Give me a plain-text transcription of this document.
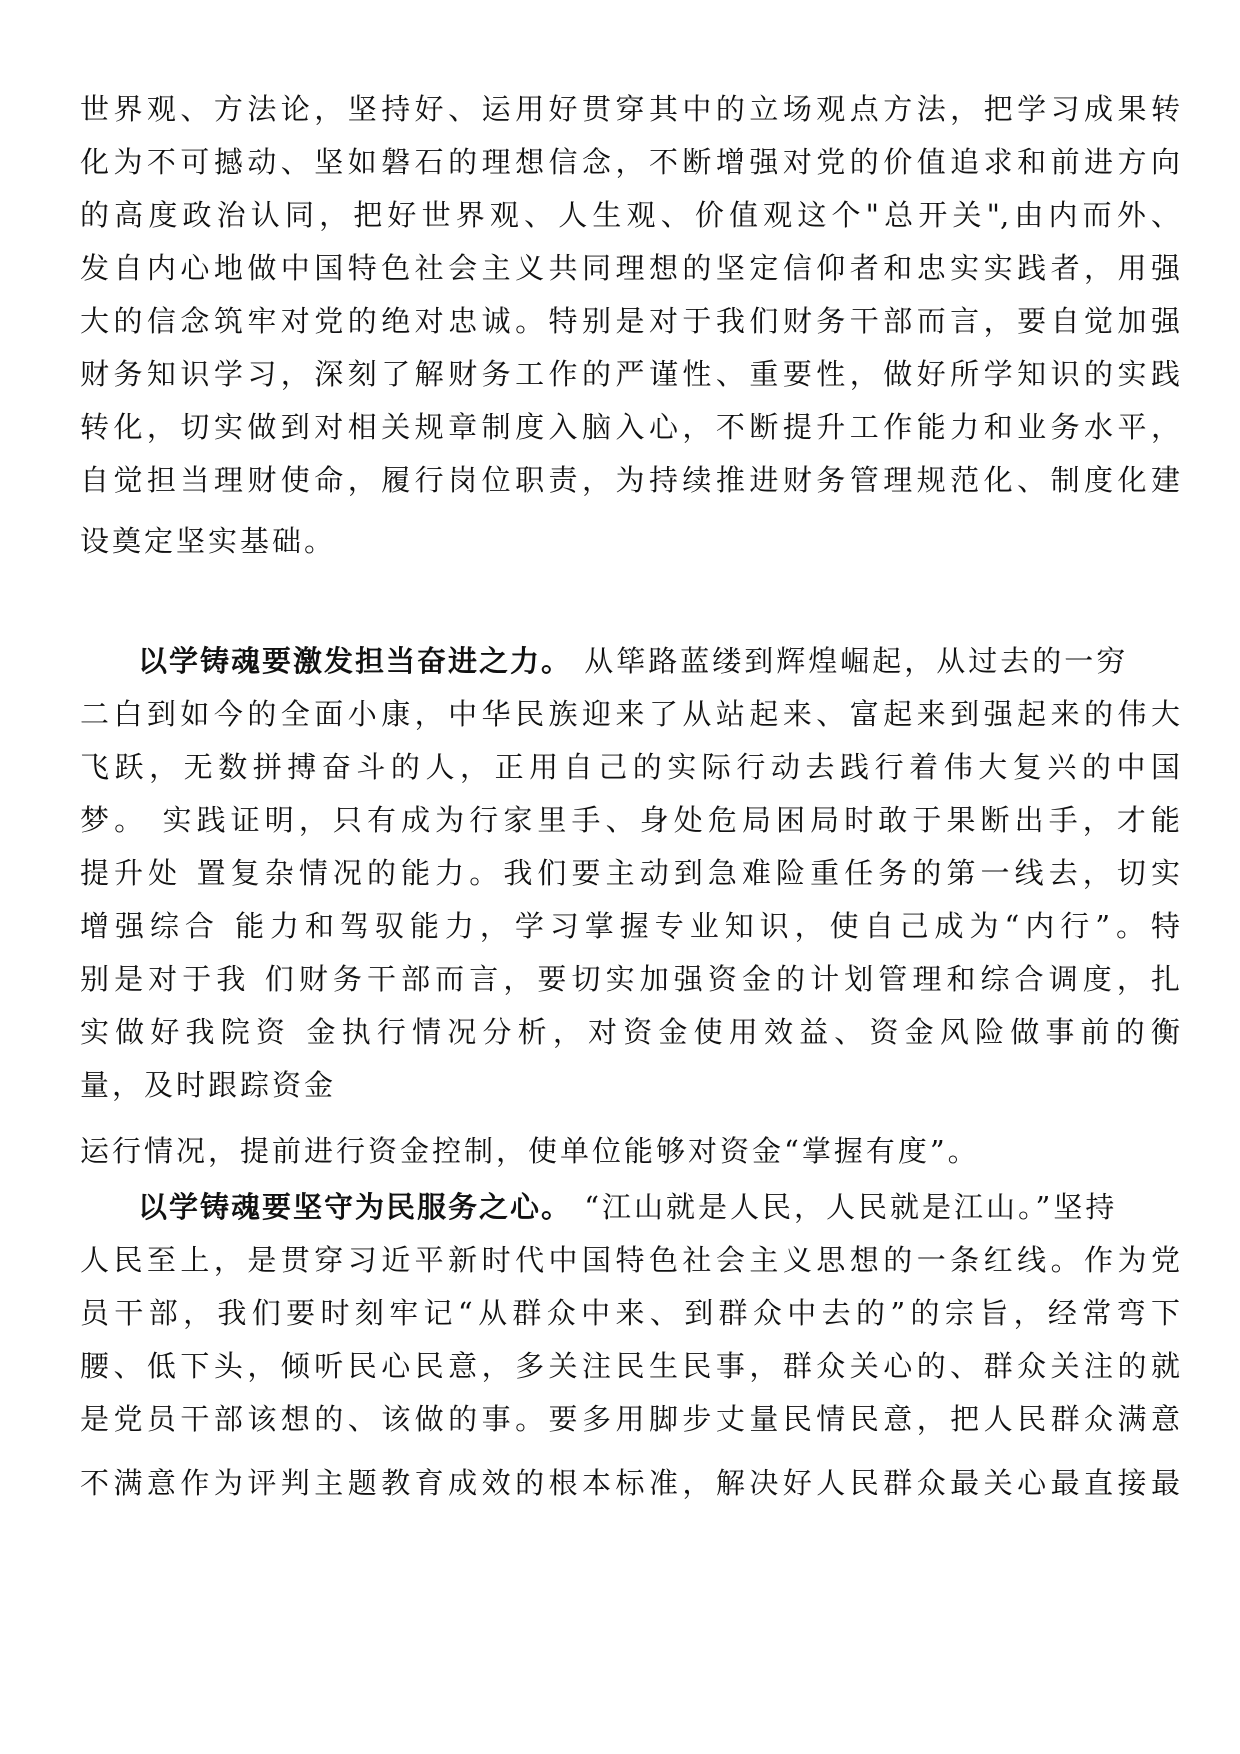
世界观、方法论，坚持好、运用好贯穿其中的立场观点方法，把学习成果转
化为不可撼动、坚如磐石的理想信念，不断增强对党的价值追求和前进方向
的高度政治认同，把好世界观、人生观、价值观这个"总开关",由内而外、
发自内心地做中国特色社会主义共同理想的坚定信仰者和忠实实践者，用强
大的信念筑牢对党的绝对忠诚。特别是对于我们财务干部而言，要自觉加强
财务知识学习，深刻了解财务工作的严谨性、重要性，做好所学知识的实践
转化，切实做到对相关规章制度入脑入心，不断提升工作能力和业务水平，
自觉担当理财使命，履行岗位职责，为持续推进财务管理规范化、制度化建
设奠定坚实基础。
以学铸魂要激发担当奋进之力。 从筚路蓝缕到辉煌崛起，从过去的一穷
二白到如今的全面小康，中华民族迎来了从站起来、富起来到强起来的伟大
飞跃，无数拼搏奋斗的人，正用自己的实际行动去践行着伟大复兴的中国
梦。 实践证明，只有成为行家里手、身处危局困局时敢于果断出手，才能
提升处 置复杂情况的能力。我们要主动到急难险重任务的第一线去，切实
增强综合 能力和驾驭能力，学习掌握专业知识，使自己成为“内行”。特
别是对于我 们财务干部而言，要切实加强资金的计划管理和综合调度，扎
实做好我院资 金执行情况分析，对资金使用效益、资金风险做事前的衡
量，及时跟踪资金
运行情况，提前进行资金控制，使单位能够对资金“掌握有度”。
以学铸魂要坚守为民服务之心。 “江山就是人民，人民就是江山。”坚持
人民至上，是贯穿习近平新时代中国特色社会主义思想的一条红线。作为党
员干部，我们要时刻牢记“从群众中来、到群众中去的”的宗旨，经常弯下
腰、低下头，倾听民心民意，多关注民生民事，群众关心的、群众关注的就
是党员干部该想的、该做的事。要多用脚步丈量民情民意，把人民群众满意
不满意作为评判主题教育成效的根本标准，解决好人民群众最关心最直接最
